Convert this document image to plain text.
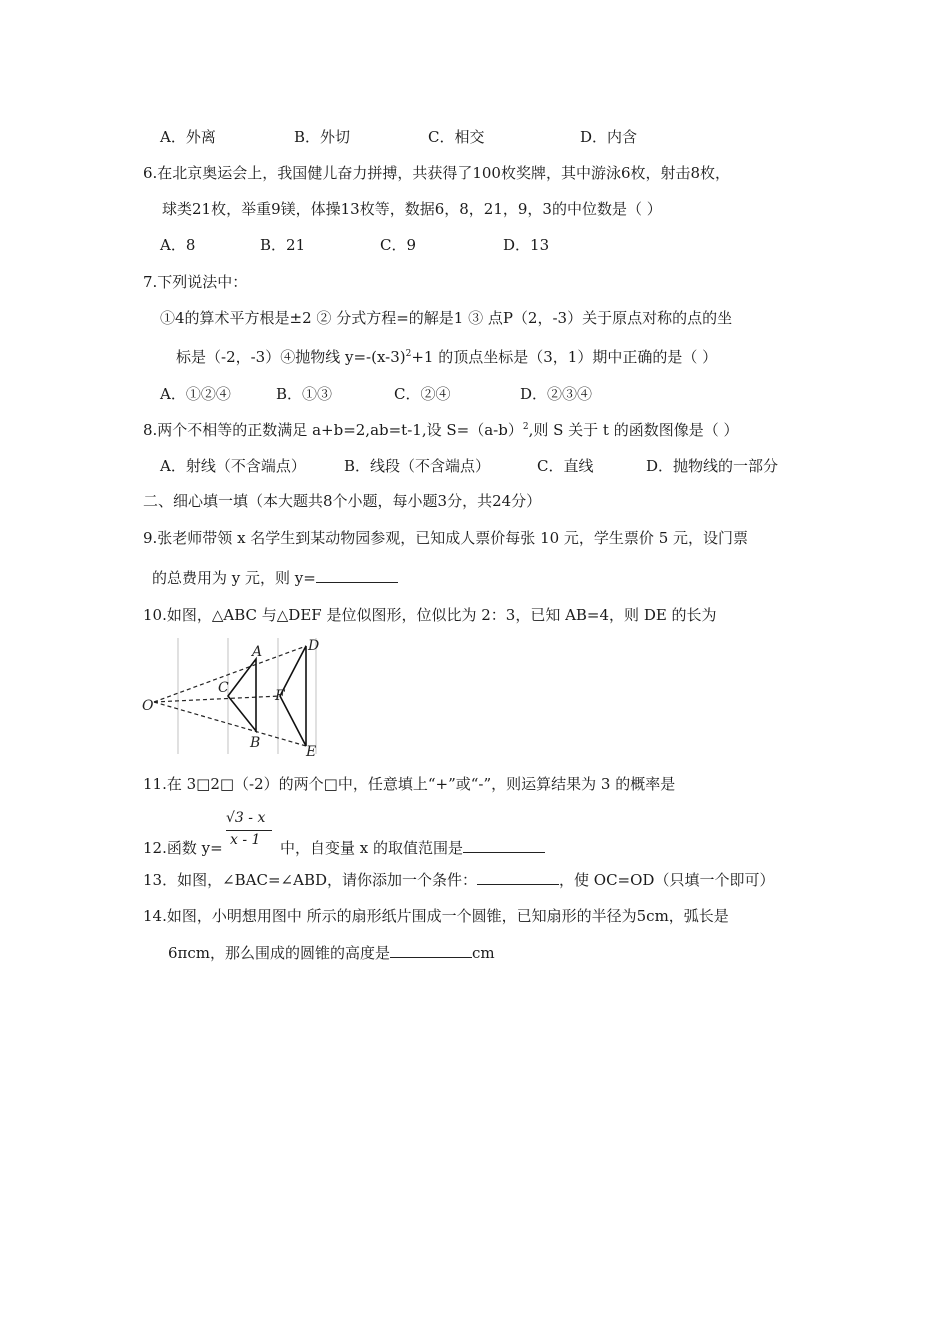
A．外离	B．外切	C．相交	D．内含
6.在北京奥运会上，我国健儿奋力拼搏，共获得了100枚奖牌，其中游泳6枚，射击8枚，
球类21枚，举重9镁，体操13枚等，数据6，8，21，9，3的中位数是（ ）
A．8	B．21	C．9	D．13
7.下列说法中：
①4的算术平方根是±2 ② 分式方程=的解是1 ③ 点P（2，-3）关于原点对称的点的坐
标是（-2，-3）④抛物线 $y=-(x-3)^2+1$ 的顶点坐标是（3，1）期中正确的是（ ）
A．①②④	B．①③	C．②④	D．②③④
8.两个不相等的正数满足 a+b=2,ab=t-1,设 $S=(a-b)^2$,则 S 关于 t 的函数图像是（ ）
A．射线（不含端点）	B．线段（不含端点）	C．直线	D．抛物线的一部分
二、细心填一填（本大题共8个小题，每小题3分，共24分）
9.张老师带领 x 名学生到某动物园参观，已知成人票价每张 10 元，学生票价 5 元，设门票
的总费用为 y 元，则 y=
10.如图，△ABC 与△DEF 是位似图形，位似比为 2：3，已知 AB=4，则 DE 的长为
A
B
C
D
E
F
O
11.在 3□2□（-2）的两个□中，任意填上“+”或“-”，则运算结果为 3 的概率是
12.函数 y=
√3 - x
x - 1 中，自变量 x 的取值范围是
13．如图，∠BAC=∠ABD，请你添加一个条件：	，使 OC=OD（只填一个即可）
14.如图，小明想用图中 所示的扇形纸片围成一个圆锥，已知扇形的半径为5cm，弧长是
6πcm，那么围成的圆锥的高度是	cm
